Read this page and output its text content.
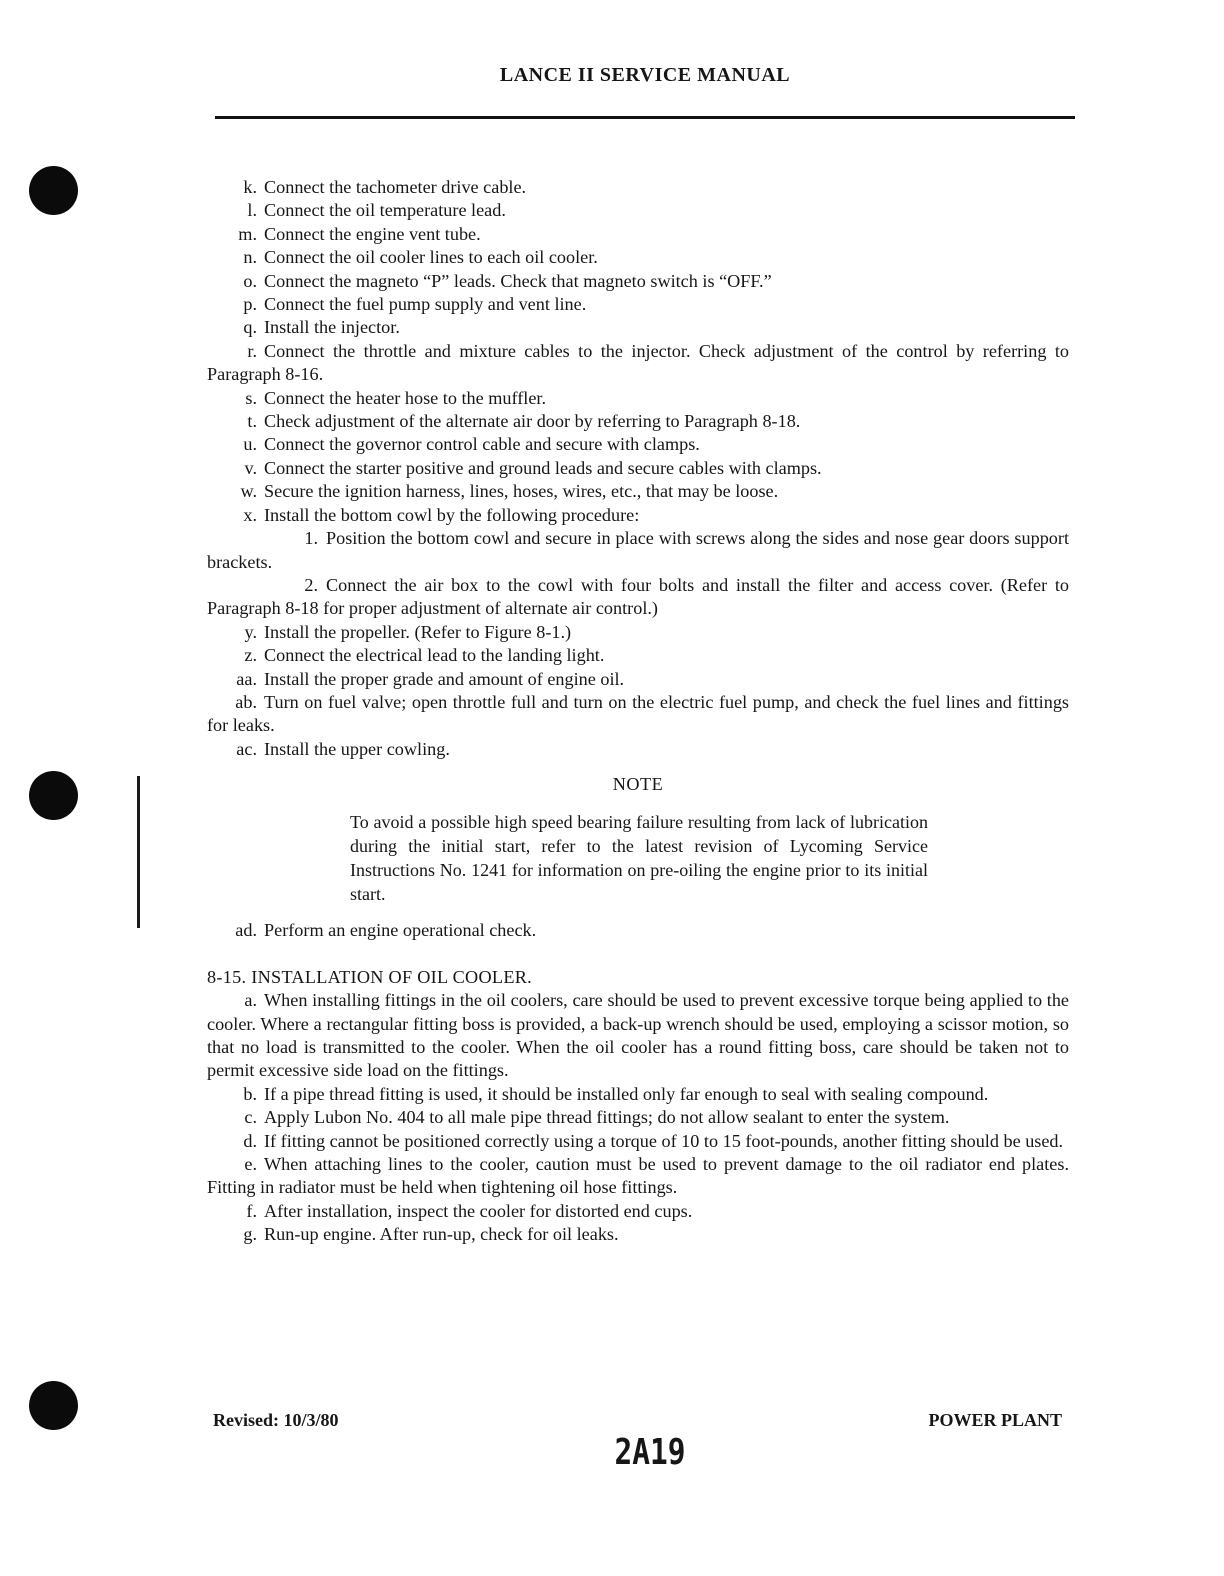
LANCE II SERVICE MANUAL

k. Connect the tachometer drive cable.

l. Connect the oil temperature lead.

m. Connect the engine vent tube.

n. Connect the oil cooler lines to each oil cooler.

o. Connect the magneto “P” leads. Check that magneto switch is “OFF.”

p. Connect the fuel pump supply and vent line.

q. Install the injector.

r. Connect the throttle and mixture cables to the injector. Check adjustment of the control by referring to Paragraph 8-16.

s. Connect the heater hose to the muffler.

t. Check adjustment of the alternate air door by referring to Paragraph 8-18.

u. Connect the governor control cable and secure with clamps.

v. Connect the starter positive and ground leads and secure cables with clamps.

w. Secure the ignition harness, lines, hoses, wires, etc., that may be loose.

x. Install the bottom cowl by the following procedure:

1. Position the bottom cowl and secure in place with screws along the sides and nose gear doors support brackets.

2. Connect the air box to the cowl with four bolts and install the filter and access cover. (Refer to Paragraph 8-18 for proper adjustment of alternate air control.)

y. Install the propeller. (Refer to Figure 8-1.)

z. Connect the electrical lead to the landing light.

aa. Install the proper grade and amount of engine oil.

ab. Turn on fuel valve; open throttle full and turn on the electric fuel pump, and check the fuel lines and fittings for leaks.

ac. Install the upper cowling.

NOTE

To avoid a possible high speed bearing failure resulting from lack of lubrication during the initial start, refer to the latest revision of Lycoming Service Instructions No. 1241 for information on pre-oiling the engine prior to its initial start.

ad. Perform an engine operational check.

8-15. INSTALLATION OF OIL COOLER.

a. When installing fittings in the oil coolers, care should be used to prevent excessive torque being applied to the cooler. Where a rectangular fitting boss is provided, a back-up wrench should be used, employing a scissor motion, so that no load is transmitted to the cooler. When the oil cooler has a round fitting boss, care should be taken not to permit excessive side load on the fittings.

b. If a pipe thread fitting is used, it should be installed only far enough to seal with sealing compound.

c. Apply Lubon No. 404 to all male pipe thread fittings; do not allow sealant to enter the system.

d. If fitting cannot be positioned correctly using a torque of 10 to 15 foot-pounds, another fitting should be used.

e. When attaching lines to the cooler, caution must be used to prevent damage to the oil radiator end plates. Fitting in radiator must be held when tightening oil hose fittings.

f. After installation, inspect the cooler for distorted end cups.

g. Run-up engine. After run-up, check for oil leaks.

Revised: 10/3/80	POWER PLANT
2A19
